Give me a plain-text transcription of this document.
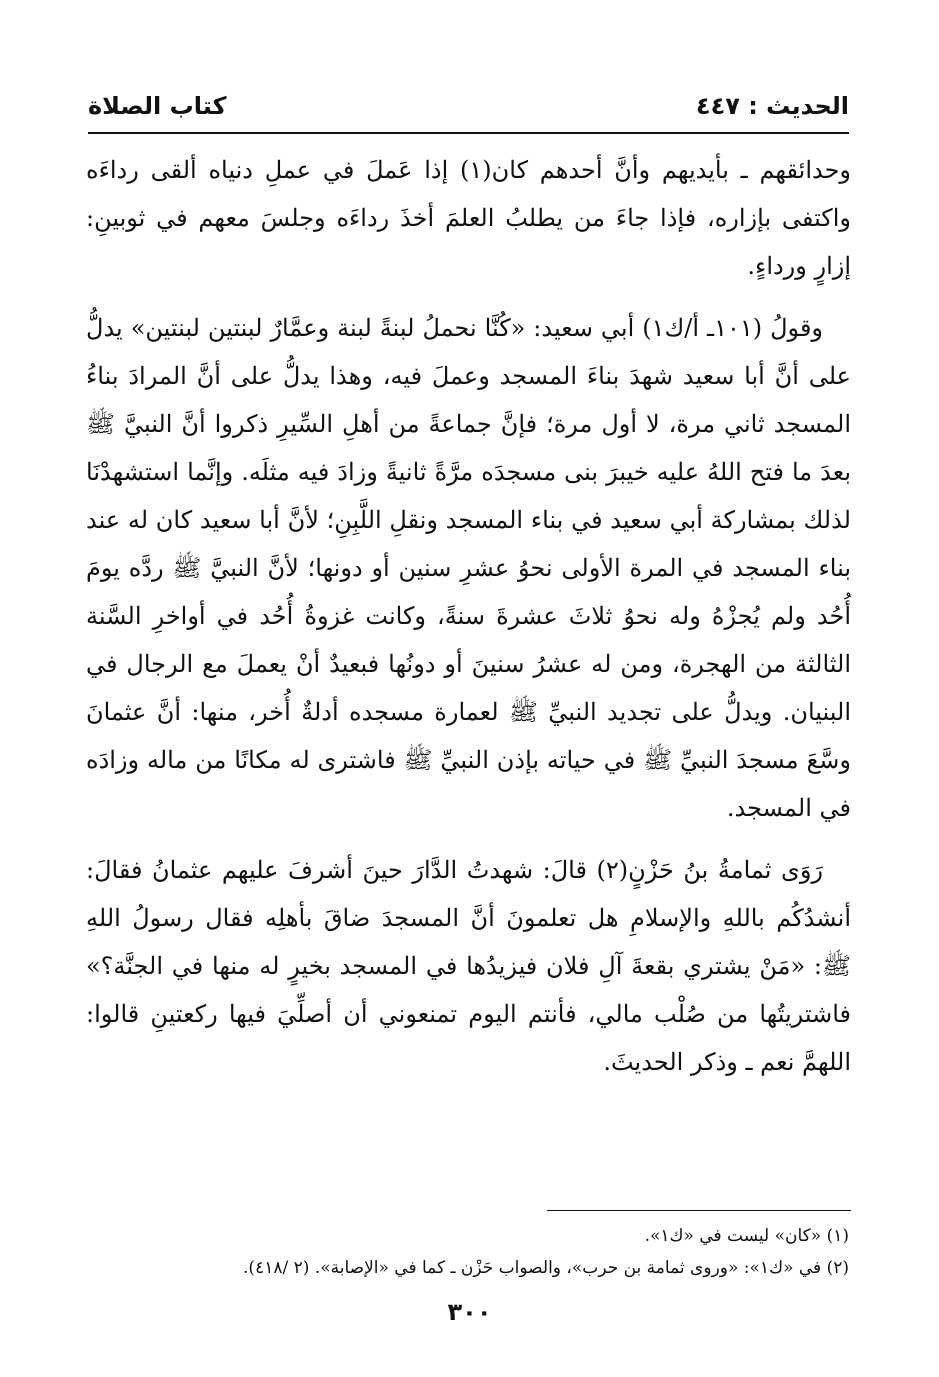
الحديث : ٤٤٧
كتاب الصلاة

وحدائقهم ـ بأيديهم وأنَّ أحدهم كان(١) إذا عَملَ في عملِ دنياه ألقى رداءَه واكتفى بإزاره، فإذا جاءَ من يطلبُ العلمَ أخذَ رداءَه وجلسَ معهم في ثوبينِ: إزارٍ ورداءٍ.

وقولُ (١٠١ـ أ/ك١) أبي سعيد: «كُنَّا نحملُ لبنةً لبنة وعمَّارٌ لبنتين لبنتين» يدلُّ على أنَّ أبا سعيد شهدَ بناءَ المسجد وعملَ فيه، وهذا يدلُّ على أنَّ المرادَ بناءُ المسجد ثاني مرة، لا أول مرة؛ فإنَّ جماعةً من أهلِ السِّيرِ ذكروا أنَّ النبيَّ ﷺ بعدَ ما فتح اللهُ عليه خيبرَ بنى مسجدَه مرَّةً ثانيةً وزادَ فيه مثلَه. وإنَّما استشهدْنَا لذلك بمشاركة أبي سعيد في بناء المسجد ونقلِ اللَّبِنِ؛ لأنَّ أبا سعيد كان له عند بناء المسجد في المرة الأولى نحوُ عشرِ سنين أو دونها؛ لأنَّ النبيَّ ﷺ ردَّه يومَ أُحُد ولم يُجزْهُ وله نحوُ ثلاثَ عشرةَ سنةً، وكانت غزوةُ أُحُد في أواخرِ السَّنة الثالثة من الهجرة، ومن له عشرُ سنينَ أو دونُها فبعيدٌ أنْ يعملَ مع الرجال في البنيان. ويدلُّ على تجديد النبيِّ ﷺ لعمارة مسجده أدلةٌ أُخر، منها: أنَّ عثمانَ وسَّعَ مسجدَ النبيِّ ﷺ في حياته بإذن النبيِّ ﷺ فاشترى له مكانًا من ماله وزادَه في المسجد.

رَوَى ثمامةُ بنُ حَزْنٍ(٢) قالَ: شهدتُ الدَّارَ حينَ أشرفَ عليهم عثمانُ فقالَ: أنشدُكُم باللهِ والإسلامِ هل تعلمونَ أنَّ المسجدَ ضاقَ بأهلِه فقال رسولُ اللهِ ﷺ: «مَنْ يشتري بقعةَ آلِ فلان فيزيدُها في المسجد بخيرٍ له منها في الجنَّة؟» فاشتريتُها من صُلْب مالي، فأنتم اليوم تمنعوني أن أصلِّيَ فيها ركعتينِ قالوا: اللهمَّ نعم ـ وذكر الحديثَ.

(١) «كان» ليست في «ك١».

(٢) في «ك١»: «وروى ثمامة بن حرب»، والصواب حَزْن ـ كما في «الإصابة». (٢ /٤١٨).

٣٠٠
